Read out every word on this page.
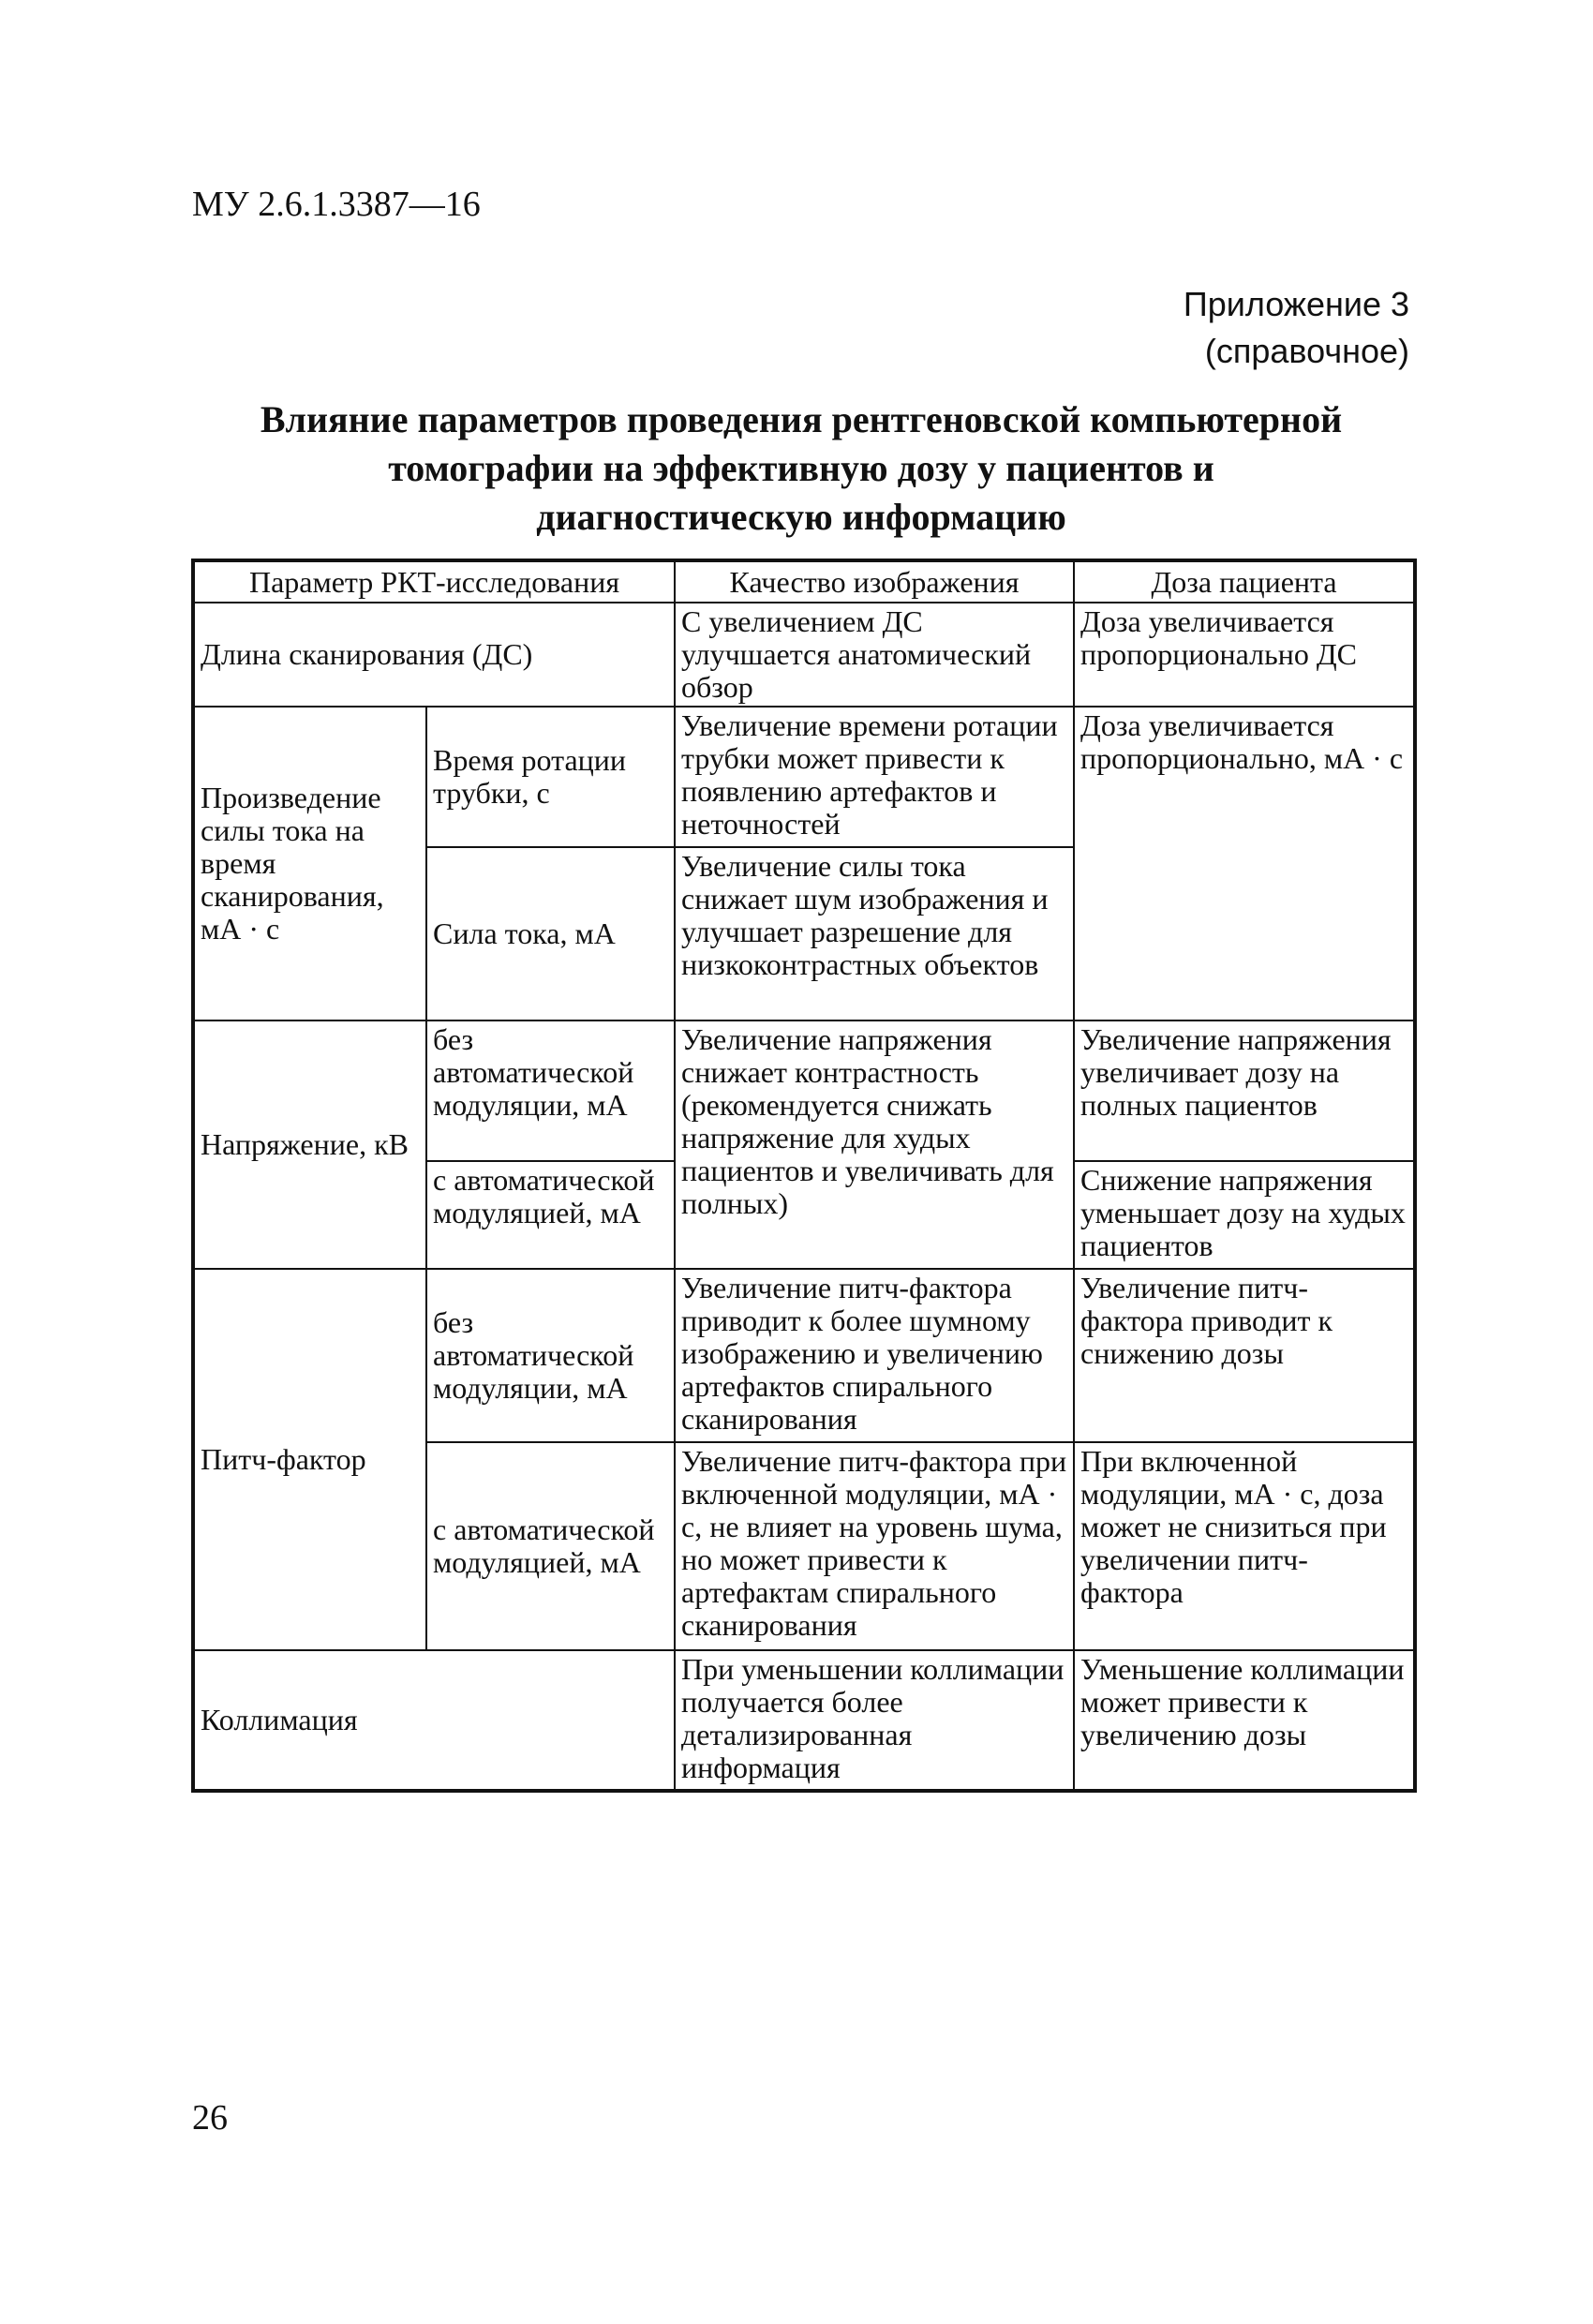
МУ 2.6.1.3387—16
Приложение 3
(справочное)
Влияние параметров проведения рентгеновской компьютерной
томографии на эффективную дозу у пациентов и
диагностическую информацию
Параметр РКТ-исследования		Качество изображения	Доза пациента
Длина сканирования (ДС)		С увеличением ДС улучшается анатомический обзор	Доза увеличивается пропорционально ДС
Произведение силы тока на время сканирования, мА · с	Время ротации трубки, с	Увеличение времени ротации трубки может привести к появлению артефактов и неточностей	Доза увеличивается пропорционально, мА · с
	Сила тока, мА	Увеличение силы тока снижает шум изображения и улучшает разрешение для низкоконтрастных объектов	
Напряжение, кВ	без автоматической модуляции, мА	Увеличение напряжения снижает контрастность (рекомендуется снижать напряжение для худых пациентов и увеличивать для полных)	Увеличение напряжения увеличивает дозу на полных пациентов
	с автоматической модуляцией, мА		Снижение напряжения уменьшает дозу на худых пациентов
Питч-фактор	без автоматической модуляции, мА	Увеличение питч-фактора приводит к более шумному изображению и увеличению артефактов спирального сканирования	Увеличение питч-фактора приводит к снижению дозы
	с автоматической модуляцией, мА	Увеличение питч-фактора при включенной модуляции, мА · с, не влияет на уровень шума, но может привести к артефактам спирального сканирования	При включенной модуляции, мА · с, доза может не снизиться при увеличении питч-фактора
Коллимация		При уменьшении коллимации получается более детализированная информация	Уменьшение коллимации может привести к увеличению дозы
26
